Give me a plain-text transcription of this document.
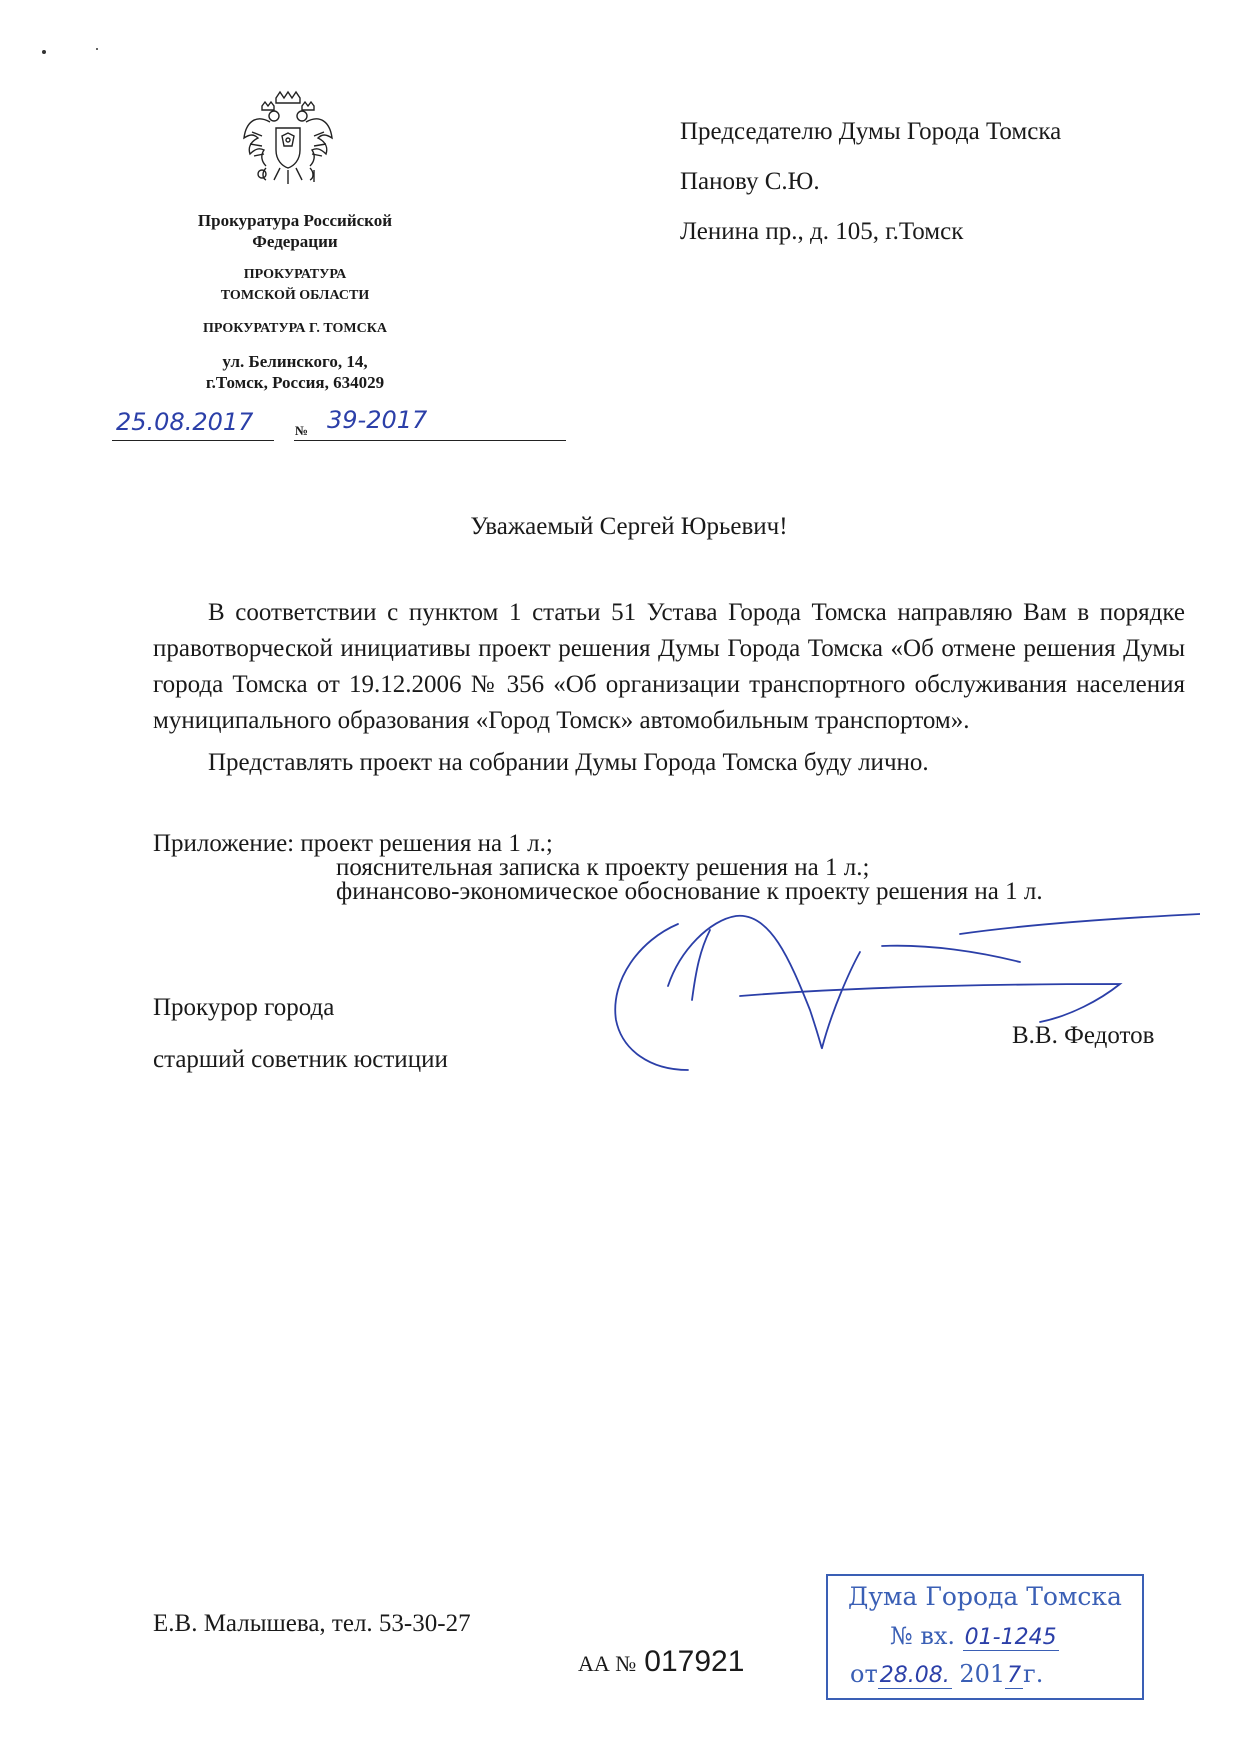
Прокуратура Российской
Федерации
ПРОКУРАТУРА
ТОМСКОЙ ОБЛАСТИ
ПРОКУРАТУРА Г. ТОМСКА
ул. Белинского, 14,
г.Томск, Россия, 634029
25.08.2017	№ 39-2017
Председателю Думы Города Томска
Панову С.Ю.
Ленина пр., д. 105, г.Томск
Уважаемый Сергей Юрьевич!

В соответствии с пунктом 1 статьи 51 Устава Города Томска направляю Вам в порядке правотворческой инициативы проект решения Думы Города Томска «Об отмене решения Думы города Томска от 19.12.2006 № 356 «Об организации транспортного обслуживания населения муниципального образования «Город Томск» автомобильным транспортом».

Представлять проект на собрании Думы Города Томска буду лично.

Приложение: проект решения на 1 л.;
пояснительная записка к проекту решения на 1 л.;
финансово-экономическое обоснование к проекту решения на 1 л.
Прокурор города
старший советник юстиции
В.В. Федотов
Е.В. Малышева, тел. 53-30-27
АА № 017921
Дума Города Томска
№ вх. 01-1245
от28.08. 2017г.
